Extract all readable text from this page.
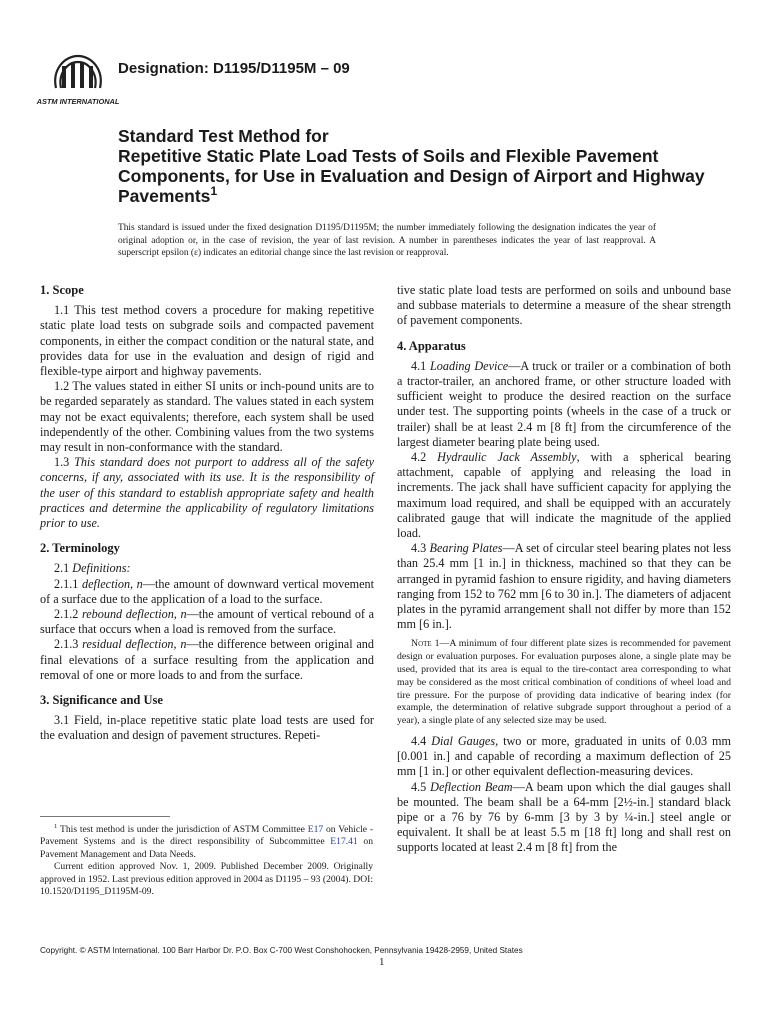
ASTM INTERNATIONAL
Designation: D1195/D1195M – 09
Standard Test Method for
Repetitive Static Plate Load Tests of Soils and Flexible Pavement Components, for Use in Evaluation and Design of Airport and Highway Pavements$^1$
This standard is issued under the fixed designation D1195/D1195M; the number immediately following the designation indicates the year of original adoption or, in the case of revision, the year of last revision. A number in parentheses indicates the year of last reapproval. A superscript epsilon (ε) indicates an editorial change since the last revision or reapproval.
1. Scope

1.1 This test method covers a procedure for making repetitive static plate load tests on subgrade soils and compacted pavement components, in either the compact condition or the natural state, and provides data for use in the evaluation and design of rigid and flexible-type airport and highway pavements.

1.2 The values stated in either SI units or inch-pound units are to be regarded separately as standard. The values stated in each system may not be exact equivalents; therefore, each system shall be used independently of the other. Combining values from the two systems may result in non-conformance with the standard.

1.3 This standard does not purport to address all of the safety concerns, if any, associated with its use. It is the responsibility of the user of this standard to establish appropriate safety and health practices and determine the applicability of regulatory limitations prior to use.

2. Terminology

2.1 Definitions:

2.1.1 deflection, n—the amount of downward vertical movement of a surface due to the application of a load to the surface.

2.1.2 rebound deflection, n—the amount of vertical rebound of a surface that occurs when a load is removed from the surface.

2.1.3 residual deflection, n—the difference between original and final elevations of a surface resulting from the application and removal of one or more loads to and from the surface.

3. Significance and Use

3.1 Field, in-place repetitive static plate load tests are used for the evaluation and design of pavement structures. Repeti-

tive static plate load tests are performed on soils and unbound base and subbase materials to determine a measure of the shear strength of pavement components.

4. Apparatus

4.1 Loading Device—A truck or trailer or a combination of both a tractor-trailer, an anchored frame, or other structure loaded with sufficient weight to produce the desired reaction on the surface under test. The supporting points (wheels in the case of a truck or trailer) shall be at least 2.4 m [8 ft] from the circumference of the largest diameter bearing plate being used.

4.2 Hydraulic Jack Assembly, with a spherical bearing attachment, capable of applying and releasing the load in increments. The jack shall have sufficient capacity for applying the maximum load required, and shall be equipped with an accurately calibrated gauge that will indicate the magnitude of the applied load.

4.3 Bearing Plates—A set of circular steel bearing plates not less than 25.4 mm [1 in.] in thickness, machined so that they can be arranged in pyramid fashion to ensure rigidity, and having diameters ranging from 152 to 762 mm [6 to 30 in.]. The diameters of adjacent plates in the pyramid arrangement shall not differ by more than 152 mm [6 in.].

Note 1—A minimum of four different plate sizes is recommended for pavement design or evaluation purposes. For evaluation purposes alone, a single plate may be used, provided that its area is equal to the tire-contact area corresponding to what may be considered as the most critical combination of conditions of wheel load and tire pressure. For the purpose of providing data indicative of bearing index (for example, the determination of relative subgrade support throughout a period of a year), a single plate of any selected size may be used.

4.4 Dial Gauges, two or more, graduated in units of 0.03 mm [0.001 in.] and capable of recording a maximum deflection of 25 mm [1 in.] or other equivalent deflection-measuring devices.

4.5 Deflection Beam—A beam upon which the dial gauges shall be mounted. The beam shall be a 64-mm [2½-in.] standard black pipe or a 76 by 76 by 6-mm [3 by 3 by ¼-in.] steel angle or equivalent. It shall be at least 5.5 m [18 ft] long and shall rest on supports located at least 2.4 m [8 ft] from the

$^1$ This test method is under the jurisdiction of ASTM Committee E17 on Vehicle - Pavement Systems and is the direct responsibility of Subcommittee E17.41 on Pavement Management and Data Needs.

Current edition approved Nov. 1, 2009. Published December 2009. Originally approved in 1952. Last previous edition approved in 2004 as D1195 – 93 (2004). DOI: 10.1520/D1195_D1195M-09.

Copyright. © ASTM International. 100 Barr Harbor Dr. P.O. Box C-700 West Conshohocken, Pennsylvania 19428-2959, United States
1
